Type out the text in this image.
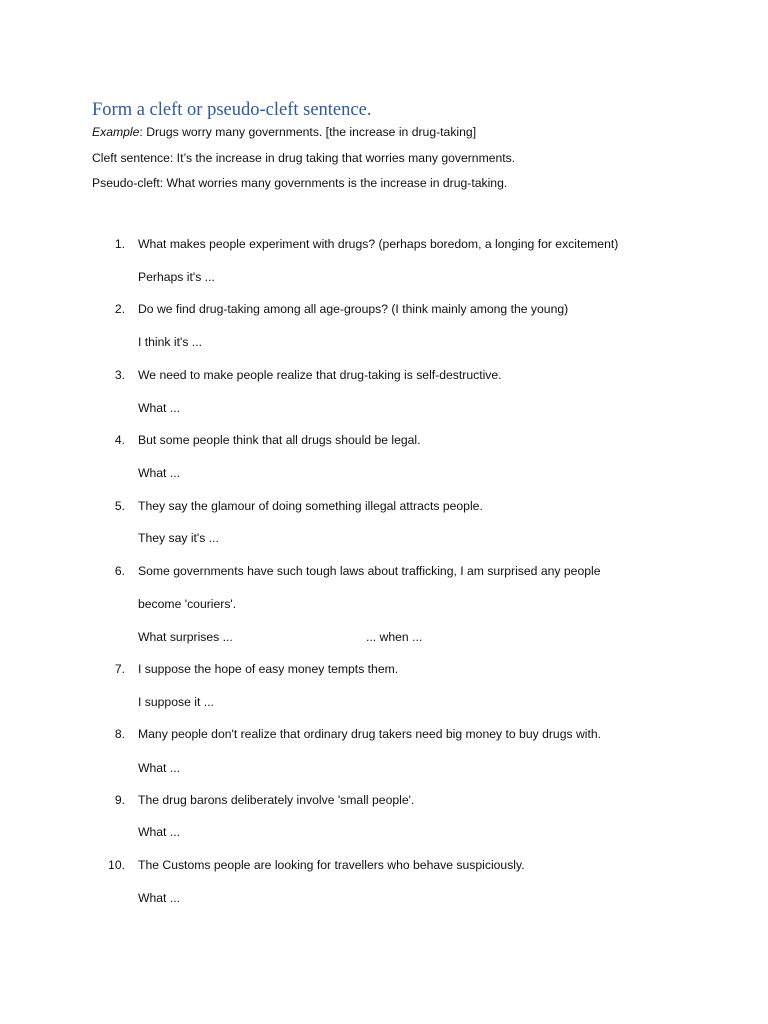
Form a cleft or pseudo-cleft sentence.
Example: Drugs worry many governments. [the increase in drug-taking]
Cleft sentence: It’s the increase in drug taking that worries many governments.
Pseudo-cleft: What worries many governments is the increase in drug-taking.
1. What makes people experiment with drugs? (perhaps boredom, a longing for excitement)
Perhaps it's ...
2. Do we find drug-taking among all age-groups? (I think mainly among the young)
I think it's ...
3. We need to make people realize that drug-taking is self-destructive.
What ...
4. But some people think that all drugs should be legal.
What ...
5. They say the glamour of doing something illegal attracts people.
They say it's ...
6. Some governments have such tough laws about trafficking, I am surprised any people
become 'couriers'.
What surprises ...	... when ...
7. I suppose the hope of easy money tempts them.
I suppose it ...
8. Many people don't realize that ordinary drug takers need big money to buy drugs with.
What ...
9. The drug barons deliberately involve 'small people'.
What ...
10. The Customs people are looking for travellers who behave suspiciously.
What ...
